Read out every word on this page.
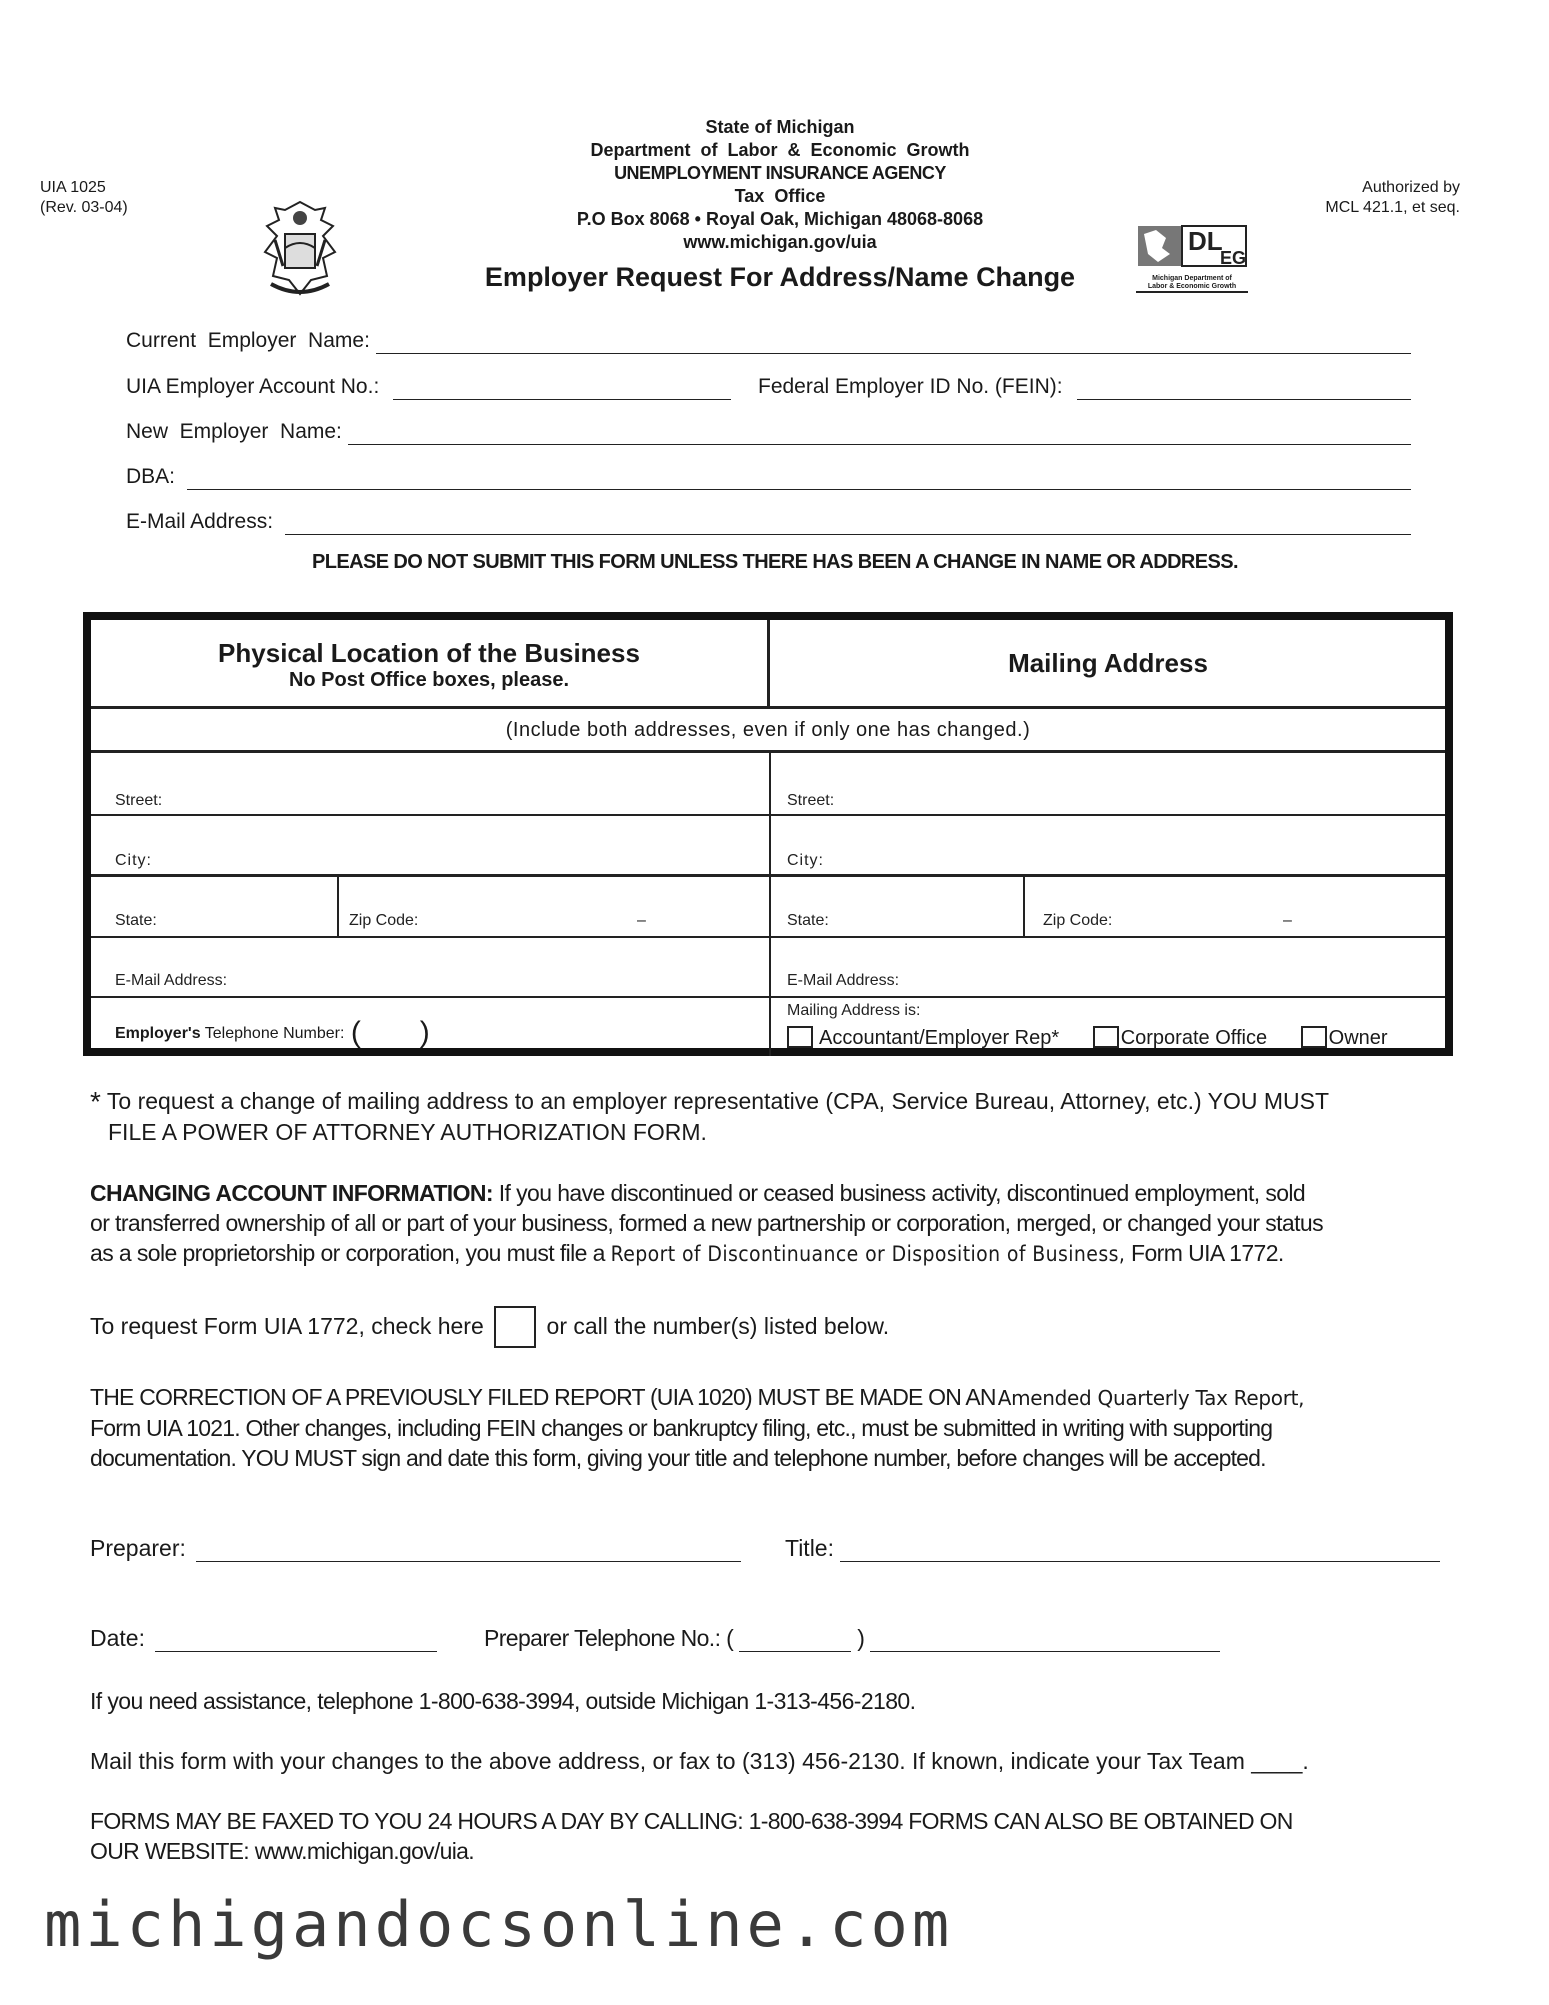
UIA 1025
(Rev. 03-04)
State of Michigan
Department  of  Labor  &  Economic  Growth
UNEMPLOYMENT INSURANCE AGENCY
Tax  Office
P.O Box 8068 • Royal Oak, Michigan 48068-8068
www.michigan.gov/uia
Authorized by
MCL 421.1, et seq.
DL
EG
Michigan Department of
Labor & Economic Growth
Employer Request For Address/Name Change
Current  Employer  Name:
UIA Employer Account No.:	Federal Employer ID No. (FEIN):
New  Employer  Name:
DBA:
E-Mail Address:
PLEASE DO NOT SUBMIT THIS FORM UNLESS THERE HAS BEEN A CHANGE IN NAME OR ADDRESS.
Physical Location of the Business
No Post Office boxes, please.
Mailing Address
(Include both addresses, even if only one has changed.)
Street:	Street:
City:	City:
State:	Zip Code:	–	State:	Zip Code:	–
E-Mail Address:	E-Mail Address:
Employer's Telephone Number: ( )
Mailing Address is:
Accountant/Employer Rep*	Corporate Office	Owner
* To request a change of mailing address to an employer representative (CPA, Service Bureau, Attorney, etc.) YOU MUST
FILE A POWER OF ATTORNEY AUTHORIZATION FORM.
CHANGING ACCOUNT INFORMATION: If you have discontinued or ceased business activity, discontinued employment, sold
or transferred ownership of all or part of your business, formed a new partnership or corporation, merged, or changed your status
as a sole proprietorship or corporation, you must file a Report of Discontinuance or Disposition of Business, Form UIA 1772.
To request Form UIA 1772, check here	or call the number(s) listed below.
THE CORRECTION OF A PREVIOUSLY FILED REPORT (UIA 1020) MUST BE MADE ON AN Amended Quarterly Tax Report,
Form UIA 1021. Other changes, including FEIN changes or bankruptcy filing, etc., must be submitted in writing with supporting
documentation. YOU MUST sign and date this form, giving your title and telephone number, before changes will be accepted.
Preparer:	Title:
Date:	Preparer Telephone No.: (	)
If you need assistance, telephone 1-800-638-3994, outside Michigan 1-313-456-2180.
Mail this form with your changes to the above address, or fax to (313) 456-2130. If known, indicate your Tax Team ____.
FORMS MAY BE FAXED TO YOU 24 HOURS A DAY BY CALLING: 1-800-638-3994 FORMS CAN ALSO BE OBTAINED ON
OUR WEBSITE: www.michigan.gov/uia.
michigandocsonline.com
